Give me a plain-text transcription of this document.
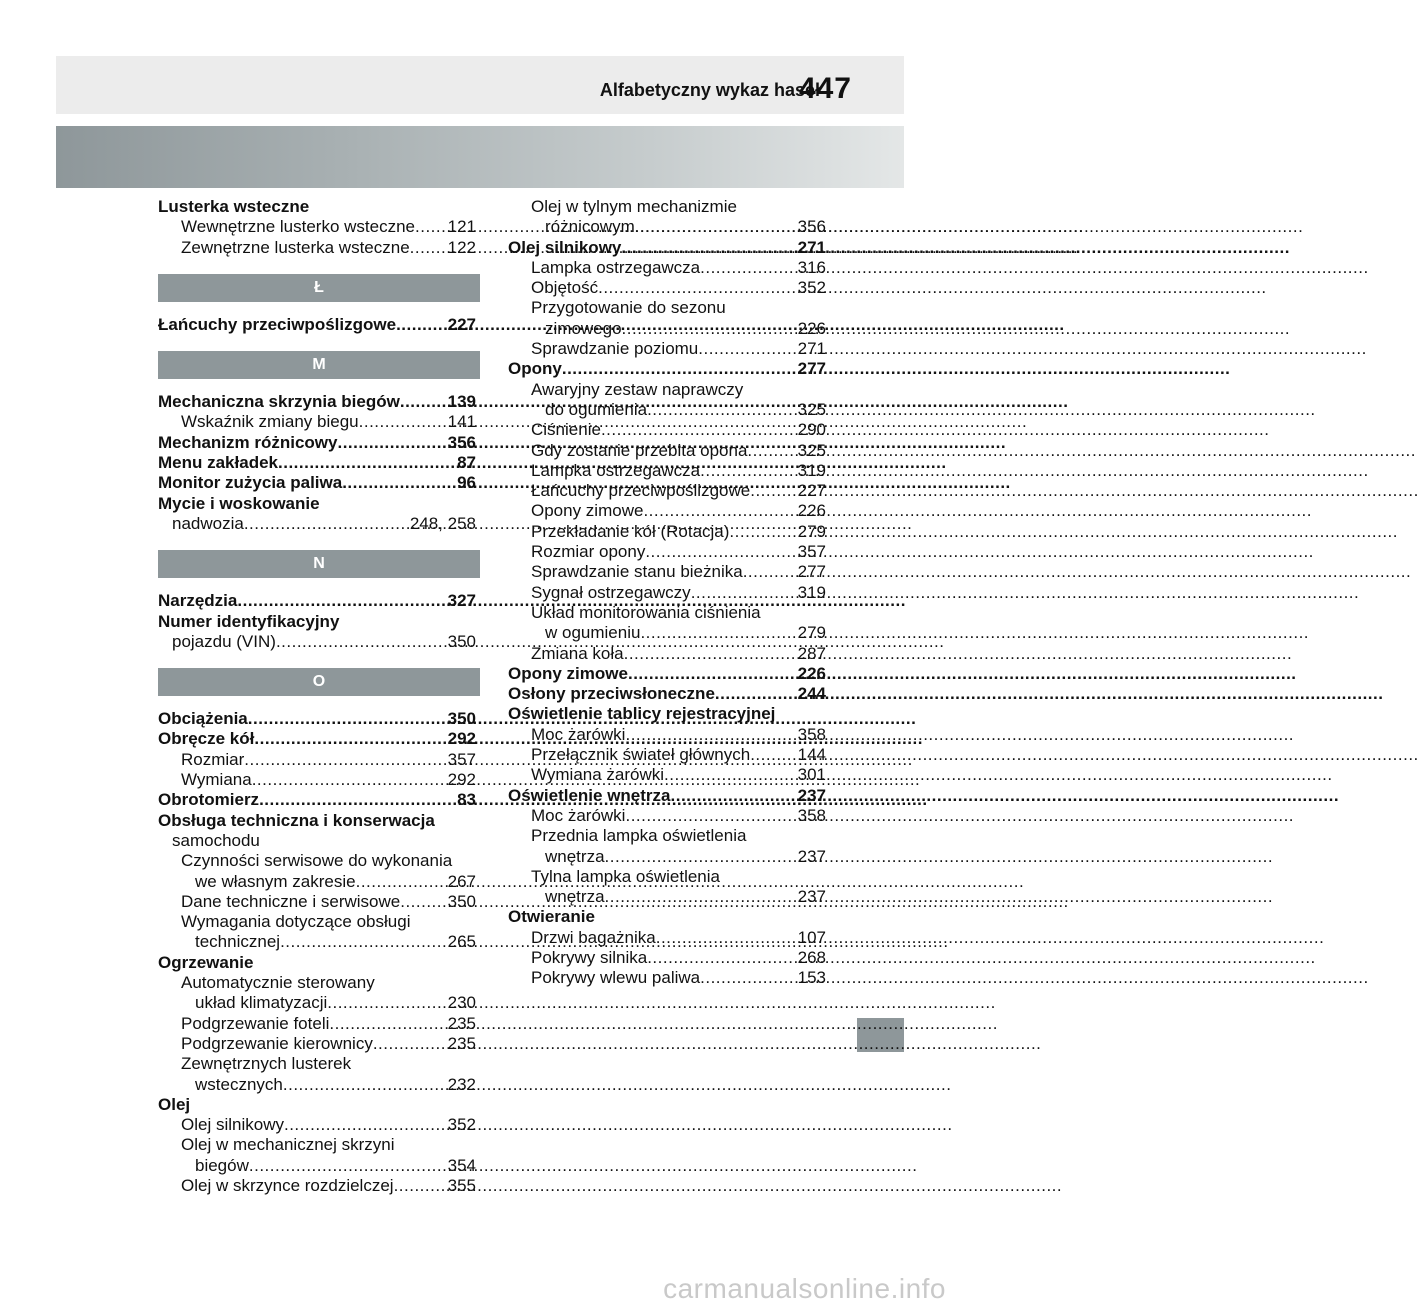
Alfabetyczny wykaz haseł
447
Lusterka wsteczne
Wewnętrzne lusterko wsteczne ..... 121
Zewnętrzne lusterka wsteczne ..... 122
Ł
Łańcuchy przeciwpoślizgowe .....	227
M
Mechaniczna skrzynia biegów .....	139
Wskaźnik zmiany biegu .....	141
Mechanizm różnicowy .....	356
Menu zakładek .....	87
Monitor zużycia paliwa .....	96
Mycie i woskowanie
nadwozia .....	248, 258
N
Narzędzia .....	327
Numer identyfikacyjny
pojazdu (VIN) .....	350
O
Obciążenia .....	350
Obręcze kół .....	292
Rozmiar .....	357
Wymiana .....	292
Obrotomierz .....	83
Obsługa techniczna i konserwacja
samochodu
Czynności serwisowe do wykonania
we własnym zakresie .....	267
Dane techniczne i serwisowe .....	350
Wymagania dotyczące obsługi
technicznej .....	265
Ogrzewanie
Automatycznie sterowany
układ klimatyzacji .....	230
Podgrzewanie foteli .....	235
Podgrzewanie kierownicy .....	235
Zewnętrznych lusterek
wstecznych .....	232
Olej
Olej silnikowy .....	352
Olej w mechanicznej skrzyni
biegów .....	354
Olej w skrzynce rozdzielczej .....	355
Olej w tylnym mechanizmie
różnicowym .....	356
Olej silnikowy .....	271
Lampka ostrzegawcza .....	316
Objętość .....	352
Przygotowanie do sezonu
zimowego .....	226
Sprawdzanie poziomu .....	271
Opony .....	277
Awaryjny zestaw naprawczy
do ogumienia .....	325
Ciśnienie .....	290
Gdy zostanie przebita opona .....	325
Lampka ostrzegawcza .....	319
Łańcuchy przeciwpoślizgowe .....	227
Opony zimowe .....	226
Przekładanie kół (Rotacja) .....	279
Rozmiar opony .....	357
Sprawdzanie stanu bieżnika .....	277
Sygnał ostrzegawczy .....	319
Układ monitorowania ciśnienia
w ogumieniu .....	279
Zmiana koła .....	287
Opony zimowe .....	226
Osłony przeciwsłoneczne .....	244
Oświetlenie tablicy rejestracyjnej
Moc żarówki .....	358
Przełącznik świateł głównych .....	144
Wymiana żarówki .....	301
Oświetlenie wnętrza .....	237
Moc żarówki .....	358
Przednia lampka oświetlenia
wnętrza .....	237
Tylna lampka oświetlenia
wnętrza .....	237
Otwieranie
Drzwi bagażnika .....	107
Pokrywy silnika .....	268
Pokrywy wlewu paliwa .....	153
carmanualsonline.info
